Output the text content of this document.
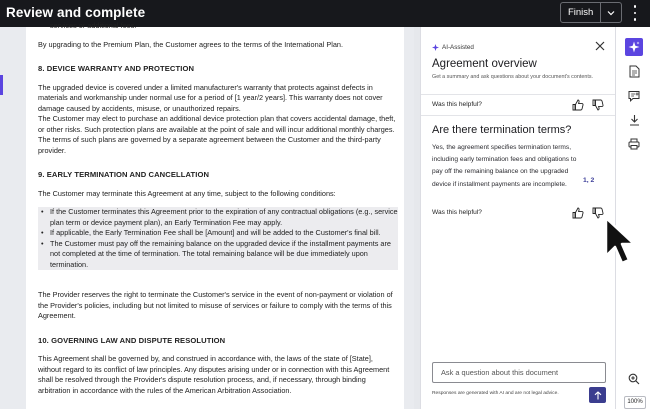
Review and complete	Finish

services or additional fees.

By upgrading to the Premium Plan, the Customer agrees to the terms of the International Plan.

8. DEVICE WARRANTY AND PROTECTION

The upgraded device is covered under a limited manufacturer's warranty that protects against defects in materials and workmanship under normal use for a period of [1 year/2 years]. This warranty does not cover damage caused by accidents, misuse, or unauthorized repairs.

The Customer may elect to purchase an additional device protection plan that covers accidental damage, theft, or other risks. Such protection plans are available at the point of sale and will incur additional monthly charges. The terms of such plans are governed by a separate agreement between the Customer and the third-party provider.

9. EARLY TERMINATION AND CANCELLATION

The Customer may terminate this Agreement at any time, subject to the following conditions:

• If the Customer terminates this Agreement prior to the expiration of any contractual obligations (e.g., service plan term or device payment plan), an Early Termination Fee may apply.
• If applicable, the Early Termination Fee shall be [Amount] and will be added to the Customer's final bill.
• The Customer must pay off the remaining balance on the upgraded device if the installment payments are not completed at the time of termination. The total remaining balance will be due immediately upon termination.

The Provider reserves the right to terminate the Customer's service in the event of non-payment or violation of the Provider's policies, including but not limited to misuse of services or failure to comply with the terms of this Agreement.

10. GOVERNING LAW AND DISPUTE RESOLUTION

This Agreement shall be governed by, and construed in accordance with, the laws of the state of [State], without regard to its conflict of law principles. Any disputes arising under or in connection with this Agreement shall be resolved through the Provider's dispute resolution process, and, if necessary, through binding arbitration in accordance with the rules of the American Arbitration Association.

AI-Assisted
Agreement overview
Get a summary and ask questions about your document's contents.
Was this helpful?
Are there termination terms?
Yes, the agreement specifies termination terms, including early termination fees and obligations to pay off the remaining balance on the upgraded device if installment payments are incomplete.
1, 2
Was this helpful?
Ask a question about this document
Responses are generated with AI and are not legal advice.
100%
